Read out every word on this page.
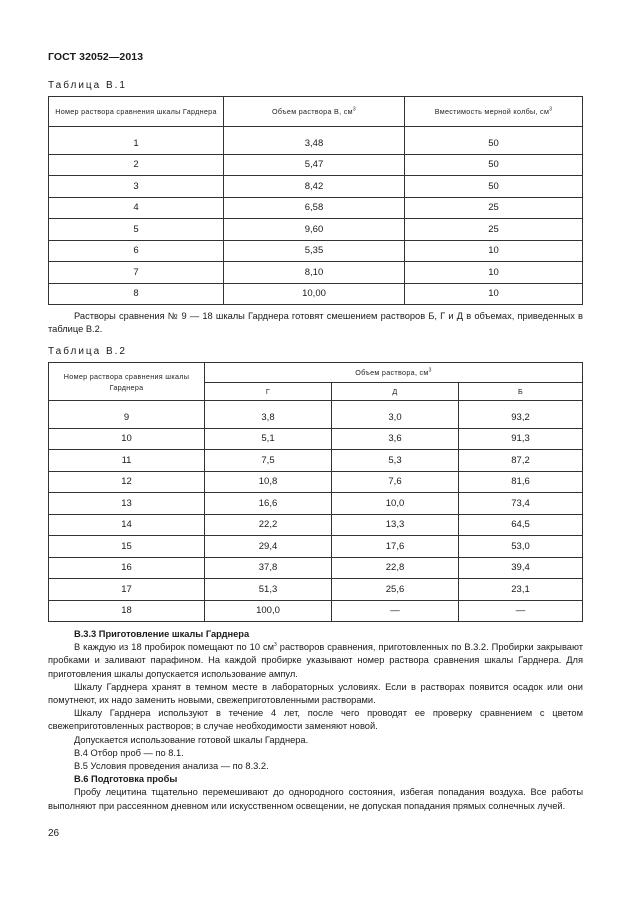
ГОСТ 32052—2013
Таблица В.1
Номер раствора сравнения шкалы Гарднера	Объем раствора В, $см^3$	Вместимость мерной колбы, $см^3$

1	3,48	50
2	5,47	50
3	8,42	50
4	6,58	25
5	9,60	25
6	5,35	10
7	8,10	10
8	10,00	10
Растворы сравнения № 9 — 18 шкалы Гарднера готовят смешением растворов Б, Г и Д в объемах, приведенных в таблице В.2.
Таблица В.2
Номер раствора сравнения шкалы Гарднера	Объем раствора, $см^3$
	Г	Д	Б

9	3,8	3,0	93,2
10	5,1	3,6	91,3
11	7,5	5,3	87,2
12	10,8	7,6	81,6
13	16,6	10,0	73,4
14	22,2	13,3	64,5
15	29,4	17,6	53,0
16	37,8	22,8	39,4
17	51,3	25,6	23,1
18	100,0	—	—
В.3.3 Приготовление шкалы Гарднера
В каждую из 18 пробирок помещают по 10 $см^3$ растворов сравнения, приготовленных по В.3.2. Пробирки закрывают пробками и заливают парафином. На каждой пробирке указывают номер раствора сравнения шкалы Гарднера. Для приготовления шкалы допускается использование ампул.
Шкалу Гарднера хранят в темном месте в лабораторных условиях. Если в растворах появится осадок или они помутнеют, их надо заменить новыми, свежеприготовленными растворами.
Шкалу Гарднера используют в течение 4 лет, после чего проводят ее проверку сравнением с цветом свежеприготовленных растворов; в случае необходимости заменяют новой.
Допускается использование готовой шкалы Гарднера.
В.4 Отбор проб — по 8.1.
В.5 Условия проведения анализа — по 8.3.2.
В.6 Подготовка пробы
Пробу лецитина тщательно перемешивают до однородного состояния, избегая попадания воздуха. Все работы выполняют при рассеянном дневном или искусственном освещении, не допуская попадания прямых солнечных лучей.
26
